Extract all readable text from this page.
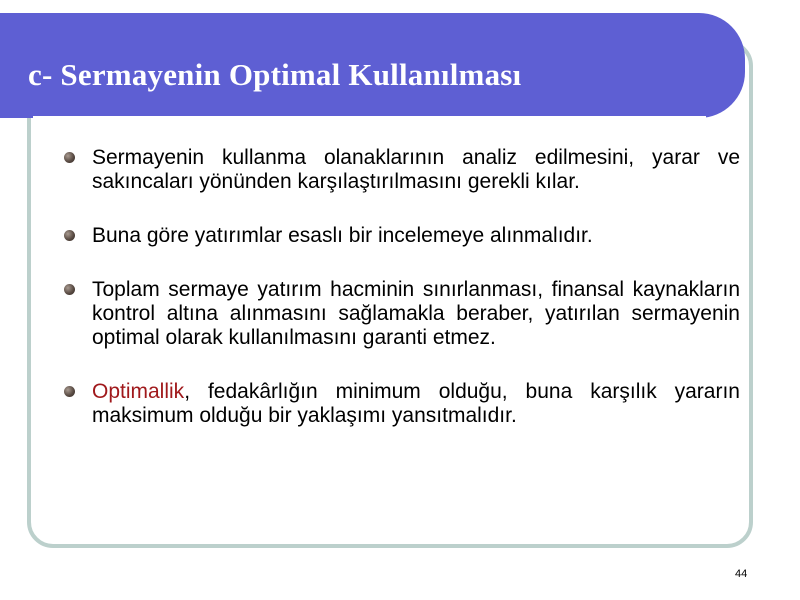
c- Sermayenin Optimal Kullanılması
Sermayenin kullanma olanaklarının analiz edilmesini, yarar ve sakıncaları yönünden karşılaştırılmasını gerekli kılar.
Buna göre yatırımlar esaslı bir incelemeye alınmalıdır.
Toplam sermaye yatırım hacminin sınırlanması, finansal kaynakların kontrol altına alınmasını sağlamakla beraber, yatırılan sermayenin optimal olarak kullanılmasını garanti etmez.
Optimallik, fedakârlığın minimum olduğu, buna karşılık yararın maksimum olduğu bir yaklaşımı yansıtmalıdır.
44
